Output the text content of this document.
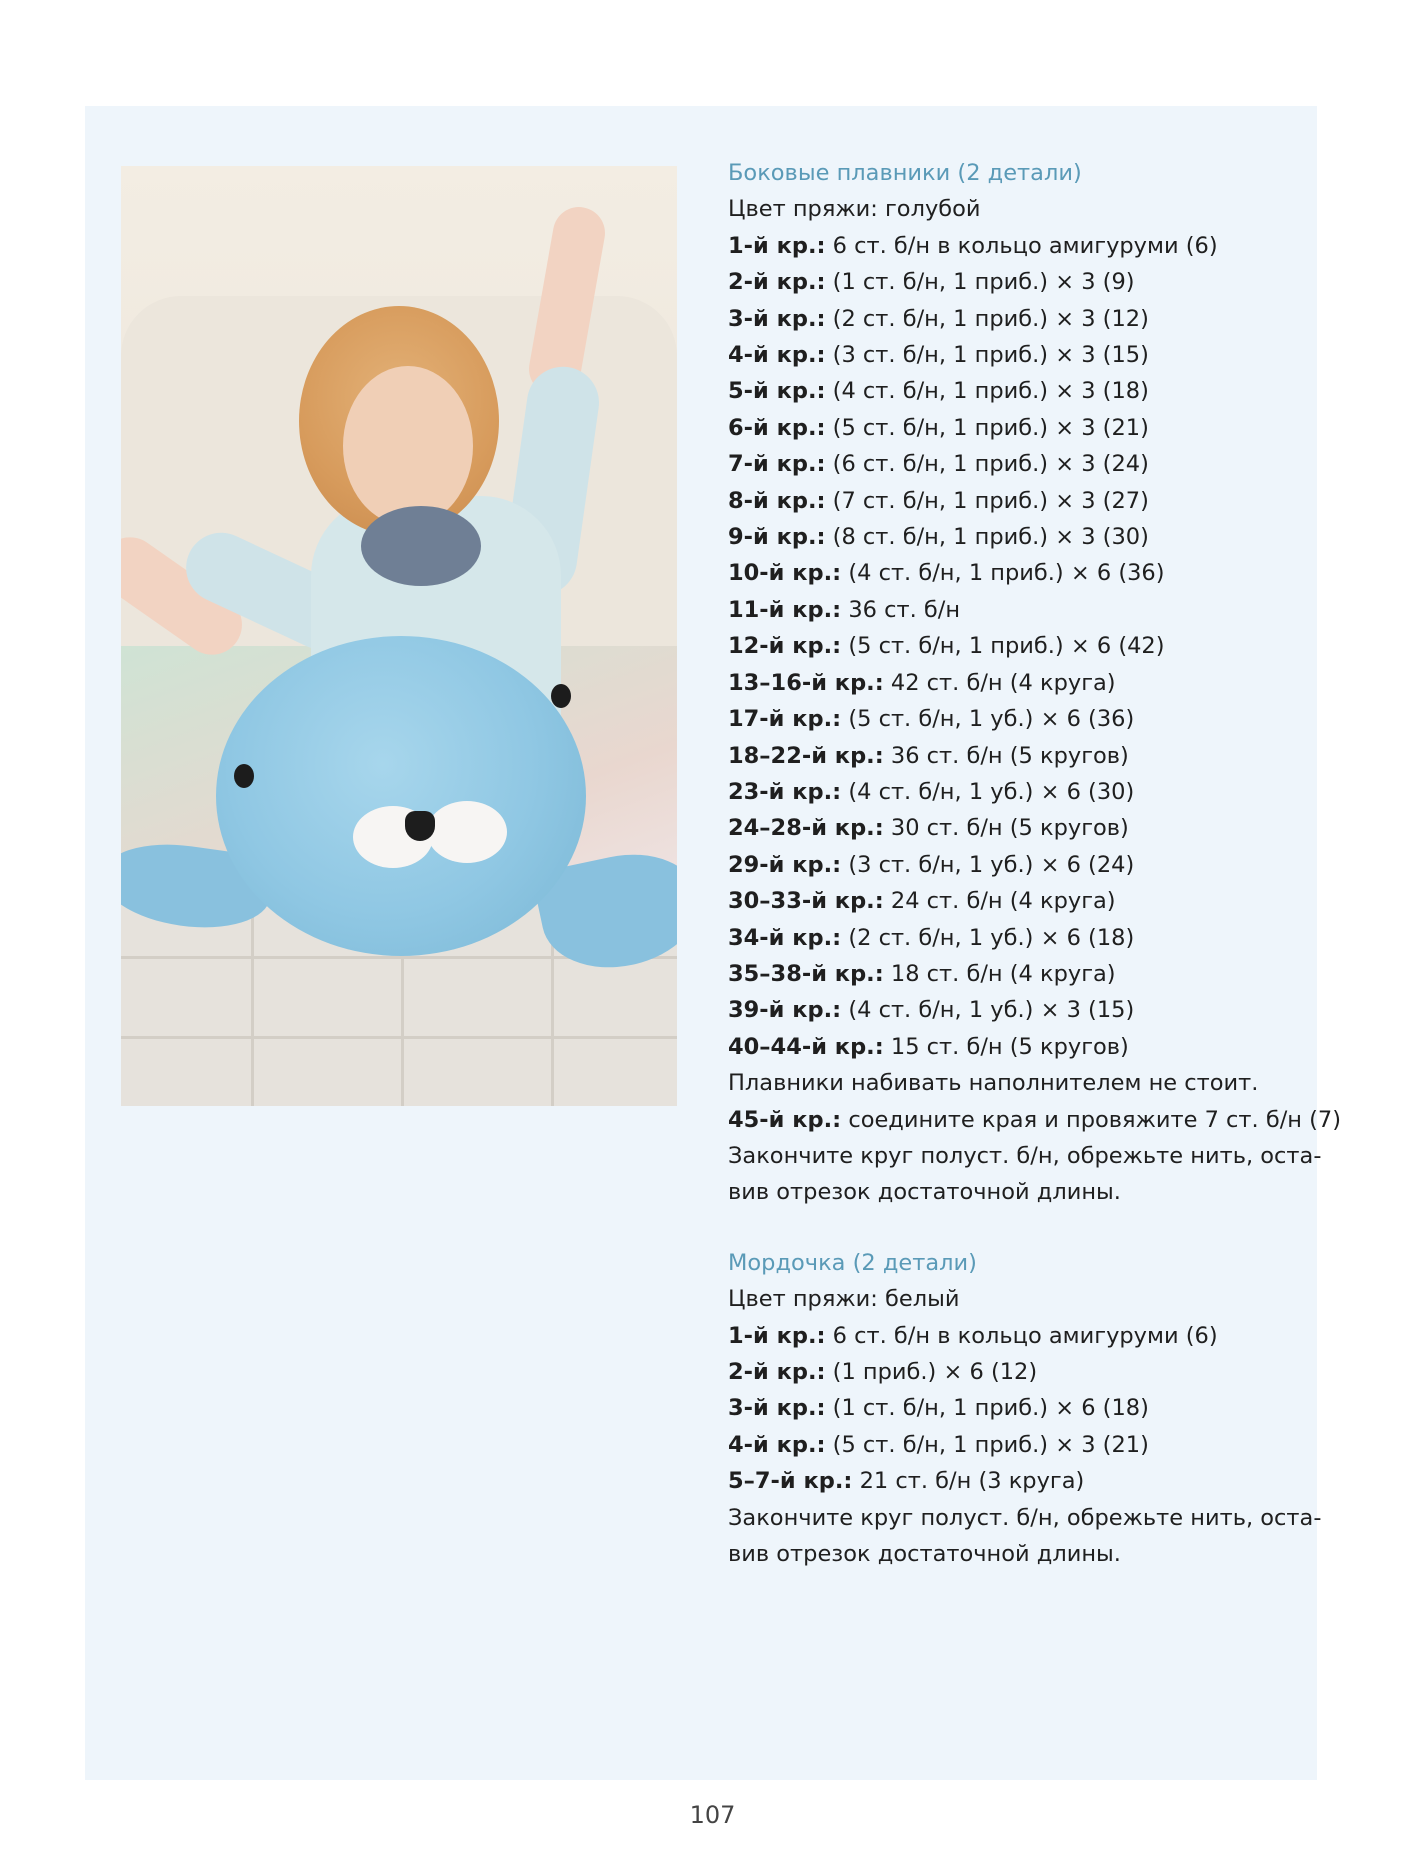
Боковые плавники (2 детали)
Цвет пряжи: голубой
1-й кр.: 6 ст. б/н в кольцо амигуруми (6)
2-й кр.: (1 ст. б/н, 1 приб.) × 3 (9)
3-й кр.: (2 ст. б/н, 1 приб.) × 3 (12)
4-й кр.: (3 ст. б/н, 1 приб.) × 3 (15)
5-й кр.: (4 ст. б/н, 1 приб.) × 3 (18)
6-й кр.: (5 ст. б/н, 1 приб.) × 3 (21)
7-й кр.: (6 ст. б/н, 1 приб.) × 3 (24)
8-й кр.: (7 ст. б/н, 1 приб.) × 3 (27)
9-й кр.: (8 ст. б/н, 1 приб.) × 3 (30)
10-й кр.: (4 ст. б/н, 1 приб.) × 6 (36)
11-й кр.: 36 ст. б/н
12-й кр.: (5 ст. б/н, 1 приб.) × 6 (42)
13–16-й кр.: 42 ст. б/н (4 круга)
17-й кр.: (5 ст. б/н, 1 уб.) × 6 (36)
18–22-й кр.: 36 ст. б/н (5 кругов)
23-й кр.: (4 ст. б/н, 1 уб.) × 6 (30)
24–28-й кр.: 30 ст. б/н (5 кругов)
29-й кр.: (3 ст. б/н, 1 уб.) × 6 (24)
30–33-й кр.: 24 ст. б/н (4 круга)
34-й кр.: (2 ст. б/н, 1 уб.) × 6 (18)
35–38-й кр.: 18 ст. б/н (4 круга)
39-й кр.: (4 ст. б/н, 1 уб.) × 3 (15)
40–44-й кр.: 15 ст. б/н (5 кругов)
Плавники набивать наполнителем не стоит.
45-й кр.: соедините края и провяжите 7 ст. б/н (7)
Закончите круг полуст. б/н, обрежьте нить, оста-
вив отрезок достаточной длины.
Мордочка (2 детали)
Цвет пряжи: белый
1-й кр.: 6 ст. б/н в кольцо амигуруми (6)
2-й кр.: (1 приб.) × 6 (12)
3-й кр.: (1 ст. б/н, 1 приб.) × 6 (18)
4-й кр.: (5 ст. б/н, 1 приб.) × 3 (21)
5–7-й кр.: 21 ст. б/н (3 круга)
Закончите круг полуст. б/н, обрежьте нить, оста-
вив отрезок достаточной длины.
107
